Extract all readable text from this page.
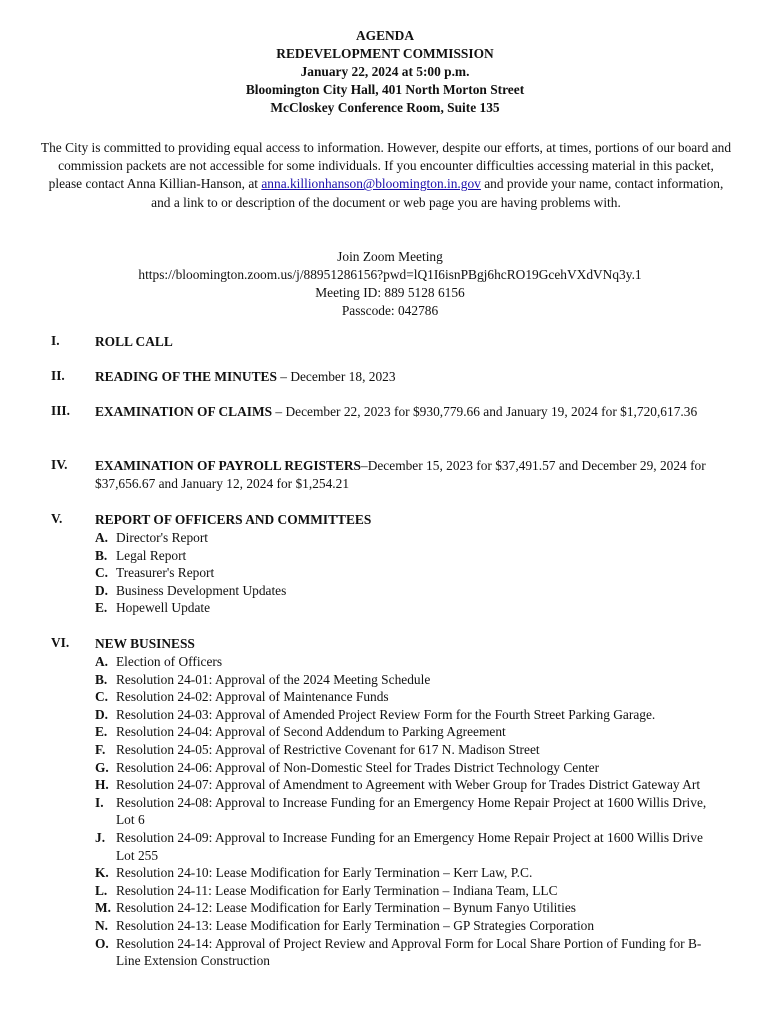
AGENDA
REDEVELOPMENT COMMISSION
January 22, 2024 at 5:00 p.m.
Bloomington City Hall, 401 North Morton Street
McCloskey Conference Room, Suite 135
The City is committed to providing equal access to information. However, despite our efforts, at times, portions of our board and commission packets are not accessible for some individuals. If you encounter difficulties accessing material in this packet, please contact Anna Killian-Hanson, at anna.killionhanson@bloomington.in.gov and provide your name, contact information, and a link to or description of the document or web page you are having problems with.
Join Zoom Meeting
https://bloomington.zoom.us/j/88951286156?pwd=lQ1I6isnPBgj6hcRO19GcehVXdVNq3y.1
Meeting ID: 889 5128 6156
Passcode: 042786
I.	ROLL CALL
II. READING OF THE MINUTES – December 18, 2023
III. EXAMINATION OF CLAIMS – December 22, 2023 for $930,779.66 and January 19, 2024 for $1,720,617.36
IV. EXAMINATION OF PAYROLL REGISTERS–December 15, 2023 for $37,491.57 and December 29, 2024 for $37,656.67 and January 12, 2024 for $1,254.21
V. REPORT OF OFFICERS AND COMMITTEES
A. Director's Report
B. Legal Report
C. Treasurer's Report
D. Business Development Updates
E. Hopewell Update
VI. NEW BUSINESS
A. Election of Officers
B. Resolution 24-01: Approval of the 2024 Meeting Schedule
C. Resolution 24-02: Approval of Maintenance Funds
D. Resolution 24-03: Approval of Amended Project Review Form for the Fourth Street Parking Garage.
E. Resolution 24-04: Approval of Second Addendum to Parking Agreement
F. Resolution 24-05: Approval of Restrictive Covenant for 617 N. Madison Street
G. Resolution 24-06: Approval of Non-Domestic Steel for Trades District Technology Center
H. Resolution 24-07: Approval of Amendment to Agreement with Weber Group for Trades District Gateway Art
I. Resolution 24-08: Approval to Increase Funding for an Emergency Home Repair Project at 1600 Willis Drive, Lot 6
J. Resolution 24-09: Approval to Increase Funding for an Emergency Home Repair Project at 1600 Willis Drive Lot 255
K. Resolution 24-10: Lease Modification for Early Termination – Kerr Law, P.C.
L. Resolution 24-11: Lease Modification for Early Termination – Indiana Team, LLC
M. Resolution 24-12: Lease Modification for Early Termination – Bynum Fanyo Utilities
N. Resolution 24-13: Lease Modification for Early Termination – GP Strategies Corporation
O. Resolution 24-14: Approval of Project Review and Approval Form for Local Share Portion of Funding for B-Line Extension Construction
